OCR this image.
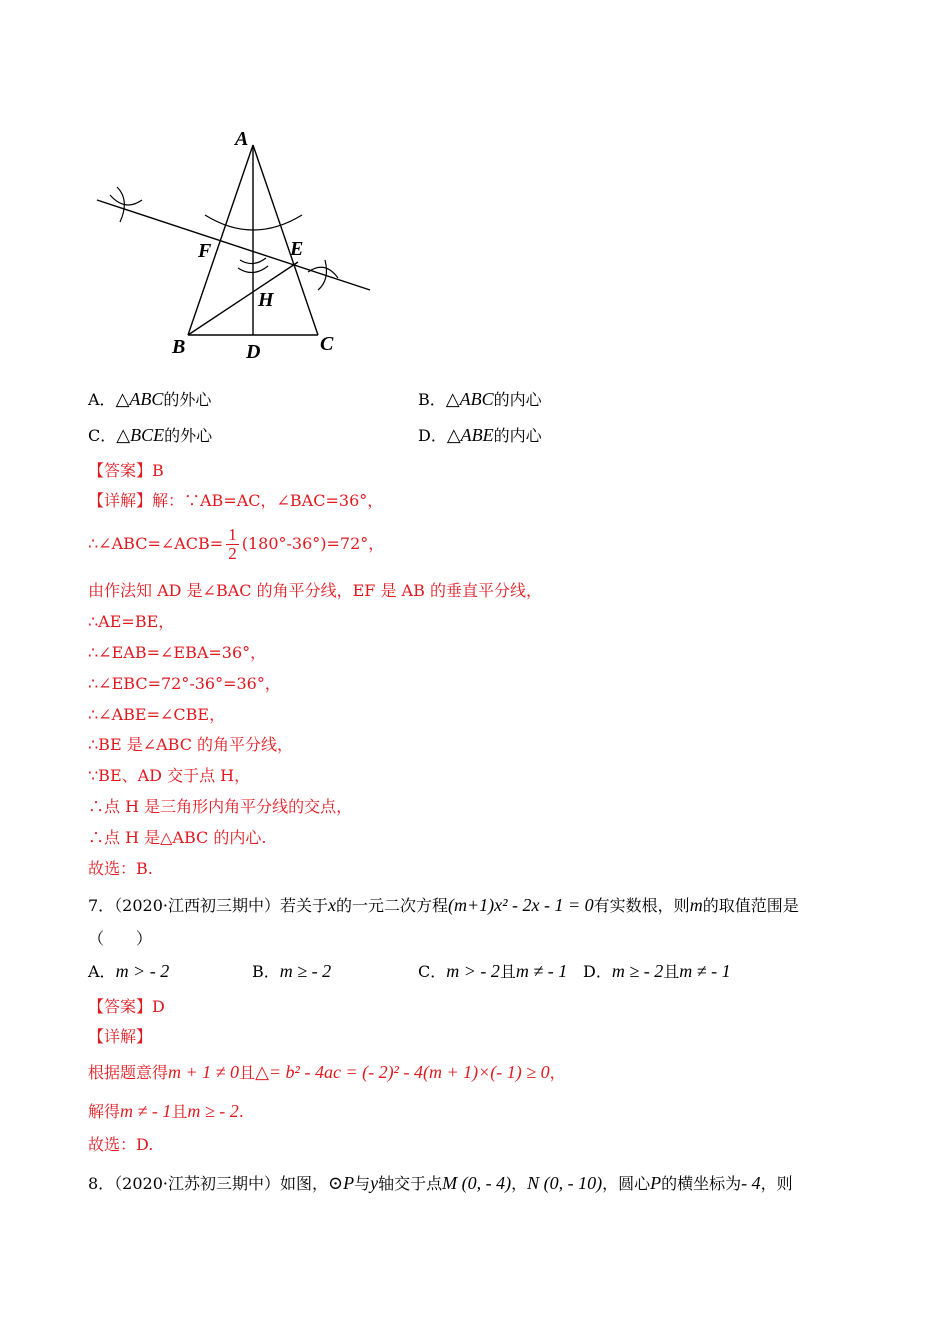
A
B	C
D
E
F
H
A．△ABC的外心	B．△ABC的内心
C．△BCE的外心	D．△ABE的内心
【答案】B
【详解】解：∵AB=AC，∠BAC=36°，
∴∠ABC=∠ACB= $\frac{1}{2} (180^\circ-36^\circ)=72^\circ$，
由作法知 AD 是∠BAC 的角平分线，EF 是 AB 的垂直平分线，
∴AE=BE，
∴∠EAB=∠EBA=36°，
∴∠EBC=72°-36°=36°，
∴∠ABE=∠CBE，
∴BE 是∠ABC 的角平分线，
∵BE、AD 交于点 H，
∴点 H 是三角形内角平分线的交点，
∴点 H 是△ABC 的内心.
故选：B.
7．（2020·江西初三期中）若关于x的一元二次方程(m+1)x² - 2x - 1 = 0有实数根，则m的取值范围是
（　　）
A．m > - 2	B．m ≥ - 2	C．m > - 2且m ≠ - 1 D．m ≥ - 2且m ≠ - 1
【答案】D
【详解】
根据题意得m + 1 ≠ 0且△= b² - 4ac = (- 2)² - 4(m + 1)×(- 1) ≥ 0，
解得m ≠ - 1且m ≥ - 2.
故选：D.
8．（2020·江苏初三期中）如图，⊙P与y轴交于点M (0, - 4)，N (0, - 10)，圆心P的横坐标为- 4，则
